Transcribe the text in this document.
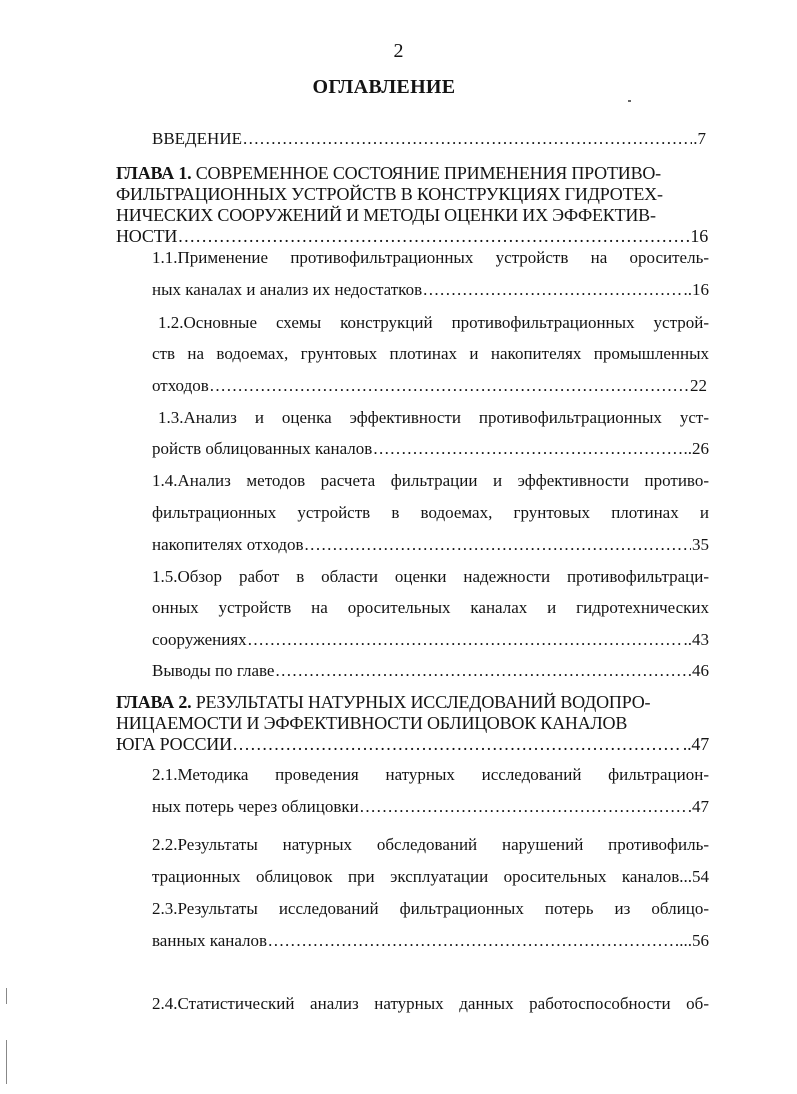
2
ОГЛАВЛЕНИЕ
ВВЕДЕНИЕ .....	.7
ГЛАВА 1. СОВРЕМЕННОЕ СОСТОЯНИЕ ПРИМЕНЕНИЯ ПРОТИВО-
ФИЛЬТРАЦИОННЫХ УСТРОЙСТВ В КОНСТРУКЦИЯХ ГИДРОТЕХ-
НИЧЕСКИХ СООРУЖЕНИЙ И МЕТОДЫ ОЦЕНКИ ИХ ЭФФЕКТИВ-
НОСТИ .....	16
1.1.Применение противофильтрационных устройств на ороситель-
ных каналах и анализ их недостатков .....	..16
1.2.Основные схемы конструкций противофильтрационных устрой-
ств на водоемах, грунтовых плотинах и накопителях промышленных
отходов .....	22
1.3.Анализ и оценка эффективности противофильтрационных уст-
ройств облицованных каналов .....	..26
1.4.Анализ методов расчета фильтрации и эффективности противо-
фильтрационных устройств в водоемах, грунтовых плотинах и
накопителях отходов .....	35
1.5.Обзор работ в области оценки надежности противофильтраци-
онных устройств на оросительных каналах и гидротехнических
сооружениях .....	..43
Выводы по главе .....	.46
ГЛАВА 2. РЕЗУЛЬТАТЫ НАТУРНЫХ ИССЛЕДОВАНИЙ ВОДОПРО-
НИЦАЕМОСТИ И ЭФФЕКТИВНОСТИ ОБЛИЦОВОК КАНАЛОВ
ЮГА РОССИИ .....	..47
2.1.Методика проведения натурных исследований фильтрацион-
ных потерь через облицовки .....	.47
2.2.Результаты натурных обследований нарушений противофиль-
трационных облицовок при эксплуатации оросительных каналов...54
2.3.Результаты исследований фильтрационных потерь из облицо-
ванных каналов .....	...56
2.4.Статистический анализ натурных данных работоспособности об-
